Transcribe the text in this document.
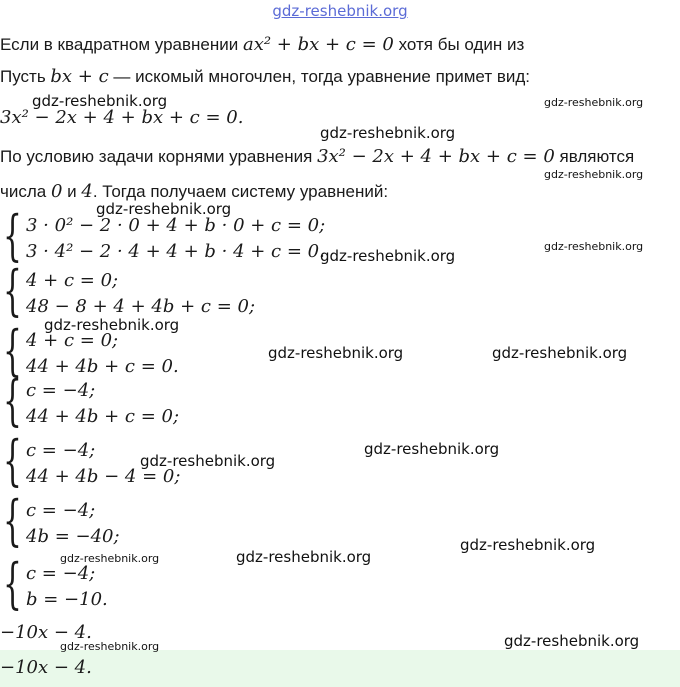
gdz-reshebnik.org
Если в квадратном уравнении ax² + bx + c = 0 хотя бы один из
Пусть bx + c — искомый многочлен, тогда уравнение примет вид:
3x² − 2x + 4 + bx + c = 0.
По условию задачи корнями уравнения 3x² − 2x + 4 + bx + c = 0 являются
числа 0 и 4. Тогда получаем систему уравнений:
{ 3 · 0² − 2 · 0 + 4 + b · 0 + c = 0;
3 · 4² − 2 · 4 + 4 + b · 4 + c = 0.
{ 4 + c = 0;
48 − 8 + 4 + 4b + c = 0;
{ 4 + c = 0;
44 + 4b + c = 0.
{ c = −4;
44 + 4b + c = 0;
{ c = −4;
44 + 4b − 4 = 0;
{ c = −4;
4b = −40;
{ c = −4;
b = −10.
−10x − 4.
−10x − 4.
gdz-reshebnik.org	gdz-reshebnik.org
gdz-reshebnik.org
gdz-reshebnik.org
gdz-reshebnik.org
gdz-reshebnik.org
gdz-reshebnik.org
gdz-reshebnik.org
gdz-reshebnik.org	gdz-reshebnik.org
gdz-reshebnik.org
gdz-reshebnik.org
gdz-reshebnik.org
gdz-reshebnik.org
gdz-reshebnik.org
gdz-reshebnik.org
gdz-reshebnik.org
